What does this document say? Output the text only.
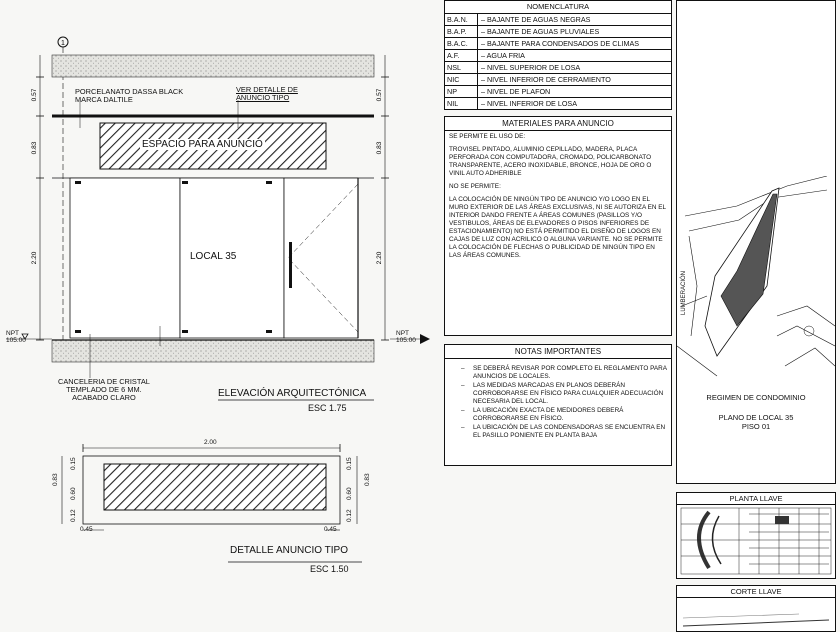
1
0.57
0.83
2.20
0.57
0.83
2.20
PORCELANATO DASSA BLACK
MARCA DALTILE
VER DETALLE DE
ANUNCIO TIPO
ESPACIO PARA ANUNCIO
LOCAL 35
NPT
105.00
NPT
105.00
CANCELERIA DE CRISTAL
TEMPLADO DE 6 MM.
ACABADO CLARO	ELEVACIÓN ARQUITECTÓNICA
ESC 1.75
2.00
0.83
0.15
0.60
0.12
0.83
0.15
0.60
0.12
0.45	0.45
DETALLE ANUNCIO TIPO
ESC 1.50
NOMENCLATURA
B.A.N.	– BAJANTE DE AGUAS NEGRAS
B.A.P.	– BAJANTE DE AGUAS PLUVIALES
B.A.C.	– BAJANTE PARA CONDENSADOS DE CLIMAS
A.F.	– AGUA FRIA
NSL	– NIVEL SUPERIOR DE LOSA
NIC	– NIVEL INFERIOR DE CERRAMIENTO
NP	– NIVEL DE PLAFON
NIL	– NIVEL INFERIOR DE LOSA
MATERIALES PARA ANUNCIO

SE PERMITE EL USO DE:

TROVISEL PINTADO, ALUMINIO CEPILLADO, MADERA, PLACA PERFORADA CON COMPUTADORA, CROMADO, POLICARBONATO TRANSPARENTE, ACERO INOXIDABLE, BRONCE, HOJA DE ORO O VINIL AUTO ADHERIBLE

NO SE PERMITE:

LA COLOCACIÓN DE NINGÚN TIPO DE ANUNCIO Y/O LOGO EN EL MURO EXTERIOR DE LAS ÁREAS EXCLUSIVAS, NI SE AUTORIZA EN EL INTERIOR DANDO FRENTE A ÁREAS COMUNES (PASILLOS Y/O VESTIBULOS, ÁREAS DE ELEVADORES O PISOS INFERIORES DE ESTACIONAMIENTO) NO ESTÁ PERMITIDO EL DISEÑO DE LOGOS EN CAJAS DE LUZ CON ACRILICO O ALGUNA VARIANTE. NO SE PERMITE LA COLOCACIÓN DE FLECHAS O PUBLICIDAD DE NINGÚN TIPO EN LAS ÁREAS COMUNES.

NOTAS IMPORTANTES
– SE DEBERÁ REVISAR POR COMPLETO EL REGLAMENTO PARA ANUNCIOS DE LOCALES.
– LAS MEDIDAS MARCADAS EN PLANOS DEBERÁN CORROBORARSE EN FÍSICO PARA CUALQUIER ADECUACIÓN NECESARIA DEL LOCAL.
– LA UBICACIÓN EXACTA DE MEDIDORES DEBERÁ CORROBORARSE EN FÍSICO.
– LA UBICACIÓN DE LAS CONDENSADORAS SE ENCUENTRA EN EL PASILLO PONIENTE EN PLANTA BAJA
LUMBERACIÓN
REGIMEN DE CONDOMINIO
PLANO DE LOCAL 35
PISO 01
PLANTA LLAVE
CORTE LLAVE
